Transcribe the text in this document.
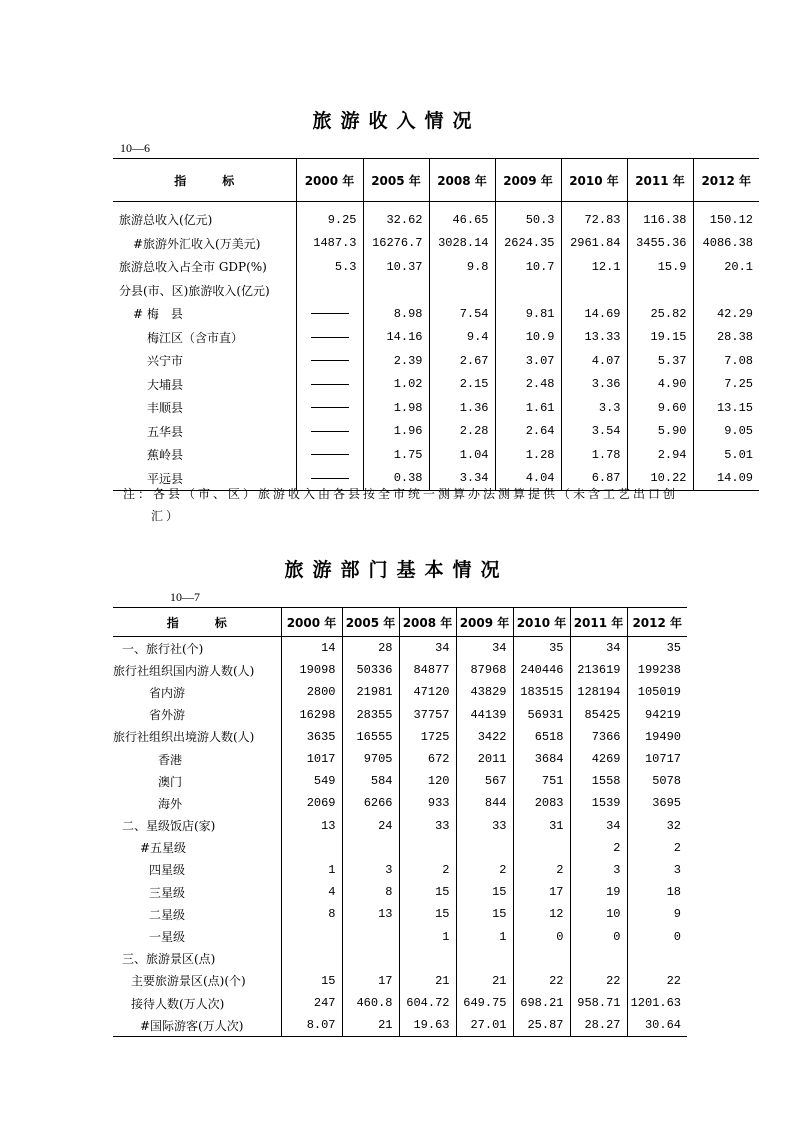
旅游收入情况
10—6
指　　　标	2000 年	2005 年	2008 年	2009 年	2010 年	2011 年	2012 年
旅游总收入(亿元)	9.25	32.62	46.65	50.3	72.83	116.38	150.12
#旅游外汇收入(万美元)	1487.3	16276.7	3028.14	2624.35	2961.84	3455.36	4086.38
旅游总收入占全市 GDP(%)	5.3	10.37	9.8	10.7	12.1	15.9	20.1
分县(市、区)旅游收入(亿元)							
# 梅　县		8.98	7.54	9.81	14.69	25.82	42.29
梅江区（含市直）		14.16	9.4	10.9	13.33	19.15	28.38
兴宁市		2.39	2.67	3.07	4.07	5.37	7.08
大埔县		1.02	2.15	2.48	3.36	4.90	7.25
丰顺县		1.98	1.36	1.61	3.3	9.60	13.15
五华县		1.96	2.28	2.64	3.54	5.90	9.05
蕉岭县		1.75	1.04	1.28	1.78	2.94	5.01
平远县		0.38	3.34	4.04	6.87	10.22	14.09
注：各县（市、区）旅游收入由各县按全市统一测算办法测算提供（未含工艺出口创
汇）
旅游部门基本情况
10—7
指　　　标	2000 年	2005 年	2008 年	2009 年	2010 年	2011 年	2012 年
一、旅行社(个)	14	28	34	34	35	34	35
旅行社组织国内游人数(人)	19098	50336	84877	87968	240446	213619	199238
省内游	2800	21981	47120	43829	183515	128194	105019
省外游	16298	28355	37757	44139	56931	85425	94219
旅行社组织出境游人数(人)	3635	16555	1725	3422	6518	7366	19490
香港	1017	9705	672	2011	3684	4269	10717
澳门	549	584	120	567	751	1558	5078
海外	2069	6266	933	844	2083	1539	3695
二、星级饭店(家)	13	24	33	33	31	34	32
#五星级						2	2
四星级	1	3	2	2	2	3	3
三星级	4	8	15	15	17	19	18
二星级	8	13	15	15	12	10	9
一星级			1	1	0	0	0
三、旅游景区(点)							
主要旅游景区(点)(个)	15	17	21	21	22	22	22
接待人数(万人次)	247	460.8	604.72	649.75	698.21	958.71	1201.63
#国际游客(万人次)	8.07	21	19.63	27.01	25.87	28.27	30.64
